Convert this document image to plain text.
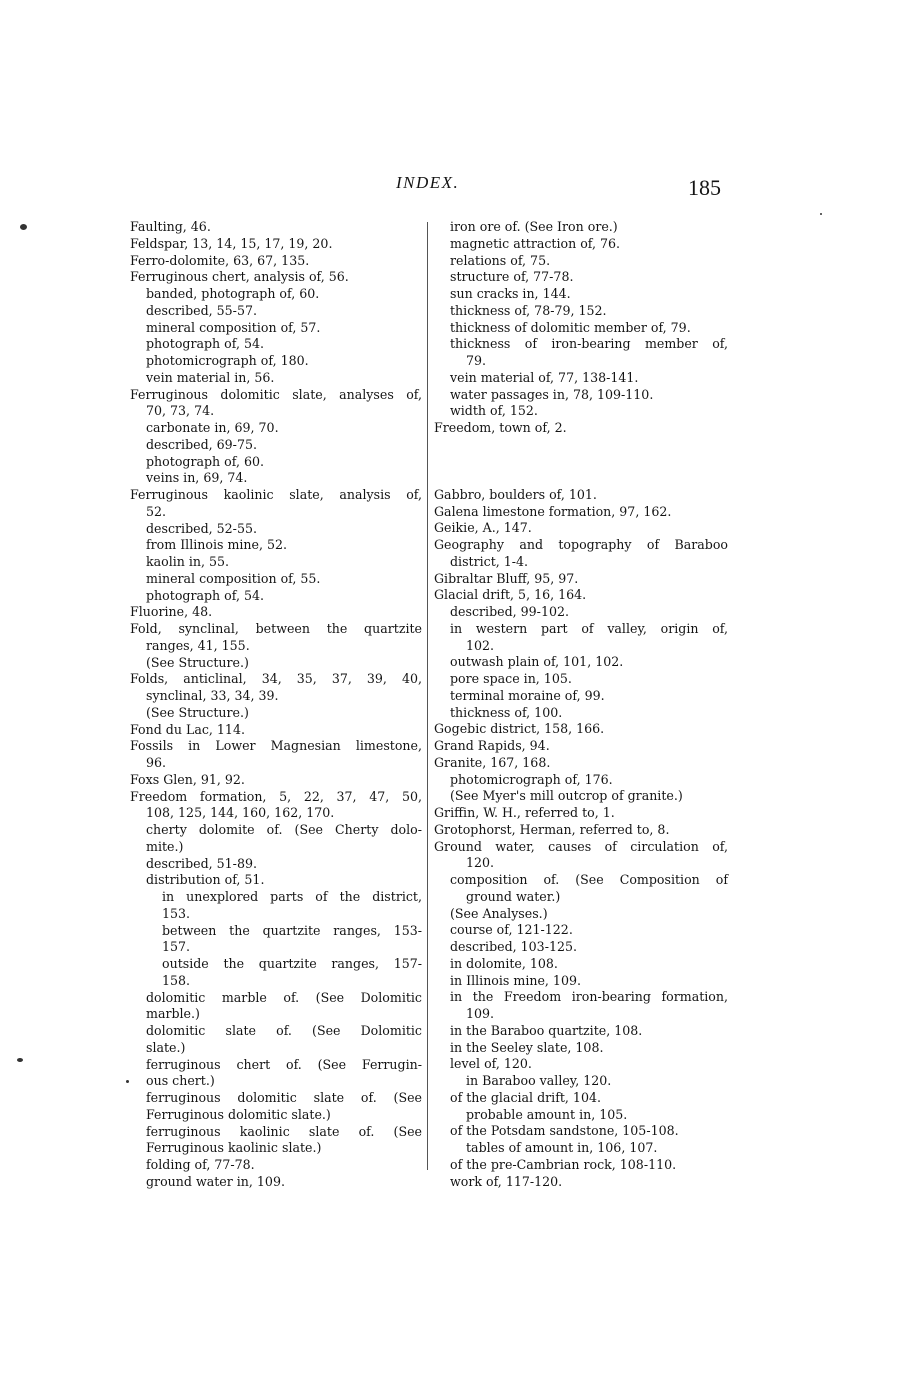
INDEX.	185
Faulting, 46.
Feldspar, 13, 14, 15, 17, 19, 20.
Ferro-dolomite, 63, 67, 135.
Ferruginous chert, analysis of, 56.
banded, photograph of, 60.
described, 55-57.
mineral composition of, 57.
photograph of, 54.
photomicrograph of, 180.
vein material in, 56.
Ferruginous dolomitic slate, analyses of,
70, 73, 74.
carbonate in, 69, 70.
described, 69-75.
photograph of, 60.
veins in, 69, 74.
Ferruginous kaolinic slate, analysis of,
52.
described, 52-55.
from Illinois mine, 52.
kaolin in, 55.
mineral composition of, 55.
photograph of, 54.
Fluorine, 48.
Fold, synclinal, between the quartzite
ranges, 41, 155.
(See Structure.)
Folds, anticlinal, 34, 35, 37, 39, 40,
synclinal, 33, 34, 39.
(See Structure.)
Fond du Lac, 114.
Fossils in Lower Magnesian limestone,
96.
Foxs Glen, 91, 92.
Freedom formation, 5, 22, 37, 47, 50,
108, 125, 144, 160, 162, 170.
cherty dolomite of. (See Cherty dolo-
mite.)
described, 51-89.
distribution of, 51.
in unexplored parts of the district,
153.
between the quartzite ranges, 153-
157.
outside the quartzite ranges, 157-
158.
dolomitic marble of. (See Dolomitic
marble.)
dolomitic slate of. (See Dolomitic
slate.)
ferruginous chert of. (See Ferrugin-
ous chert.)
ferruginous dolomitic slate of. (See
Ferruginous dolomitic slate.)
ferruginous kaolinic slate of. (See
Ferruginous kaolinic slate.)
folding of, 77-78.
ground water in, 109.
iron ore of. (See Iron ore.)
magnetic attraction of, 76.
relations of, 75.
structure of, 77-78.
sun cracks in, 144.
thickness of, 78-79, 152.
thickness of dolomitic member of, 79.
thickness of iron-bearing member of,
79.
vein material of, 77, 138-141.
water passages in, 78, 109-110.
width of, 152.
Freedom, town of, 2.
Gabbro, boulders of, 101.
Galena limestone formation, 97, 162.
Geikie, A., 147.
Geography and topography of Baraboo
district, 1-4.
Gibraltar Bluff, 95, 97.
Glacial drift, 5, 16, 164.
described, 99-102.
in western part of valley, origin of,
102.
outwash plain of, 101, 102.
pore space in, 105.
terminal moraine of, 99.
thickness of, 100.
Gogebic district, 158, 166.
Grand Rapids, 94.
Granite, 167, 168.
photomicrograph of, 176.
(See Myer's mill outcrop of granite.)
Griffin, W. H., referred to, 1.
Grotophorst, Herman, referred to, 8.
Ground water, causes of circulation of,
120.
composition of. (See Composition of
ground water.)
(See Analyses.)
course of, 121-122.
described, 103-125.
in dolomite, 108.
in Illinois mine, 109.
in the Freedom iron-bearing formation,
109.
in the Baraboo quartzite, 108.
in the Seeley slate, 108.
level of, 120.
in Baraboo valley, 120.
of the glacial drift, 104.
probable amount in, 105.
of the Potsdam sandstone, 105-108.
tables of amount in, 106, 107.
of the pre-Cambrian rock, 108-110.
work of, 117-120.
